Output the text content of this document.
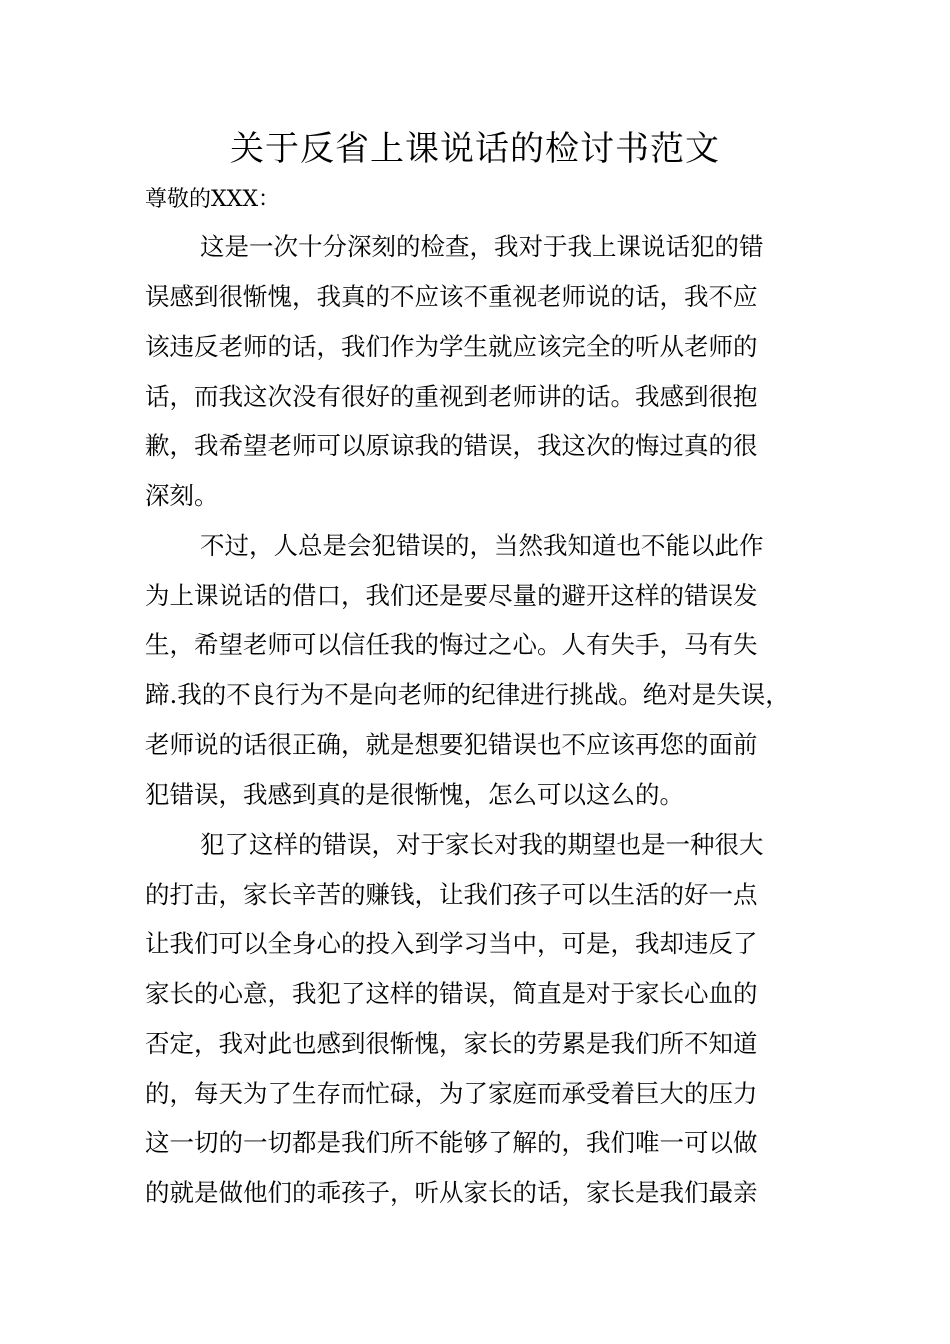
关于反省上课说话的检讨书范文

尊敬的XXX：

这是一次十分深刻的检查，我对于我上课说话犯的错

误感到很惭愧，我真的不应该不重视老师说的话，我不应

该违反老师的话，我们作为学生就应该完全的听从老师的

话，而我这次没有很好的重视到老师讲的话。我感到很抱

歉，我希望老师可以原谅我的错误，我这次的悔过真的很

深刻。

不过，人总是会犯错误的，当然我知道也不能以此作

为上课说话的借口，我们还是要尽量的避开这样的错误发

生，希望老师可以信任我的悔过之心。人有失手，马有失

蹄.我的不良行为不是向老师的纪律进行挑战。绝对是失误，

老师说的话很正确，就是想要犯错误也不应该再您的面前

犯错误，我感到真的是很惭愧，怎么可以这么的。

犯了这样的错误，对于家长对我的期望也是一种很大

的打击，家长辛苦的赚钱，让我们孩子可以生活的好一点

让我们可以全身心的投入到学习当中，可是，我却违反了

家长的心意，我犯了这样的错误，简直是对于家长心血的

否定，我对此也感到很惭愧，家长的劳累是我们所不知道

的，每天为了生存而忙碌，为了家庭而承受着巨大的压力

这一切的一切都是我们所不能够了解的，我们唯一可以做

的就是做他们的乖孩子，听从家长的话，家长是我们最亲
